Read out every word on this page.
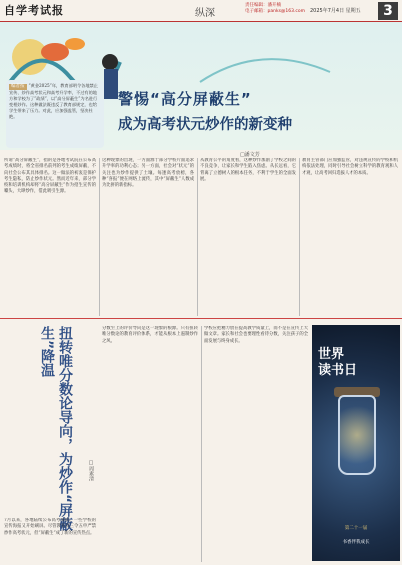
自学考试报	纵深
责任编辑：潘开楠
电子邮箱：panks@163.com 2025年7月4日 星期五	3
编者按 “黄金2025”年，教育部明令各地禁止宣传、炒作高考状元和高考升学率，不过有的地方和学校为了“政绩”，以“高分屏蔽生”为名进行变相炒作。这种做法既违反了教育部规定，也给学生带来了压力。对此，应加强监管，坚决杜绝。
警惕“高分屏蔽生”
成为高考状元炒作的新变种
□潘文芳
所谓“高分屏蔽生”，指的是各地考试院在公布高考成绩时，将全省排名前列的考生成绩屏蔽，不向社会公布其具体排名。这一做法的初衷是保护考生隐私，防止炒作状元。然而近年来，部分学校和培训机构却将“高分屏蔽生”作为招生宣传的噱头，大肆炒作，借此吸引生源。
这种现象的出现，一方面源于部分学校片面追求升学率的功利心态；另一方面，社会对“状元”的关注也为炒作提供了土壤。每逢高考放榜，各种“喜报”便在网络上流传，其中“屏蔽生”人数成为比拼的新指标。
从教育公平的角度看，这种炒作加剧了学校之间的不良竞争，让家长和学生陷入焦虑。从长远看，它背离了立德树人的根本任务，不利于学生的全面发展。
教育主管部门应加强监管，对违规宣传的学校和机构依法处理，同时引导社会树立科学的教育观和人才观，让高考回归选拔人才的本质。
扭转唯分数论导向，为炒作“屏蔽生”降温
□周素清
7月以来，各地陆续公布高考成绩，一些学校的宣传海报又开始刷屏。尽管教育部三令五申严禁炒作高考状元，但“屏蔽生”成了新的宣传热点。
分数至上的评价导向是这一现象的根源。只有扭转唯分数论的教育评价体系，才能从根本上遏制炒作之风。
学校应把精力放在提高教学质量上，而不是在宣传上大做文章。家长和社会也要理性看待分数，关注孩子的全面发展与终身成长。
世界
读书日
第二十一届
书香伴我成长
